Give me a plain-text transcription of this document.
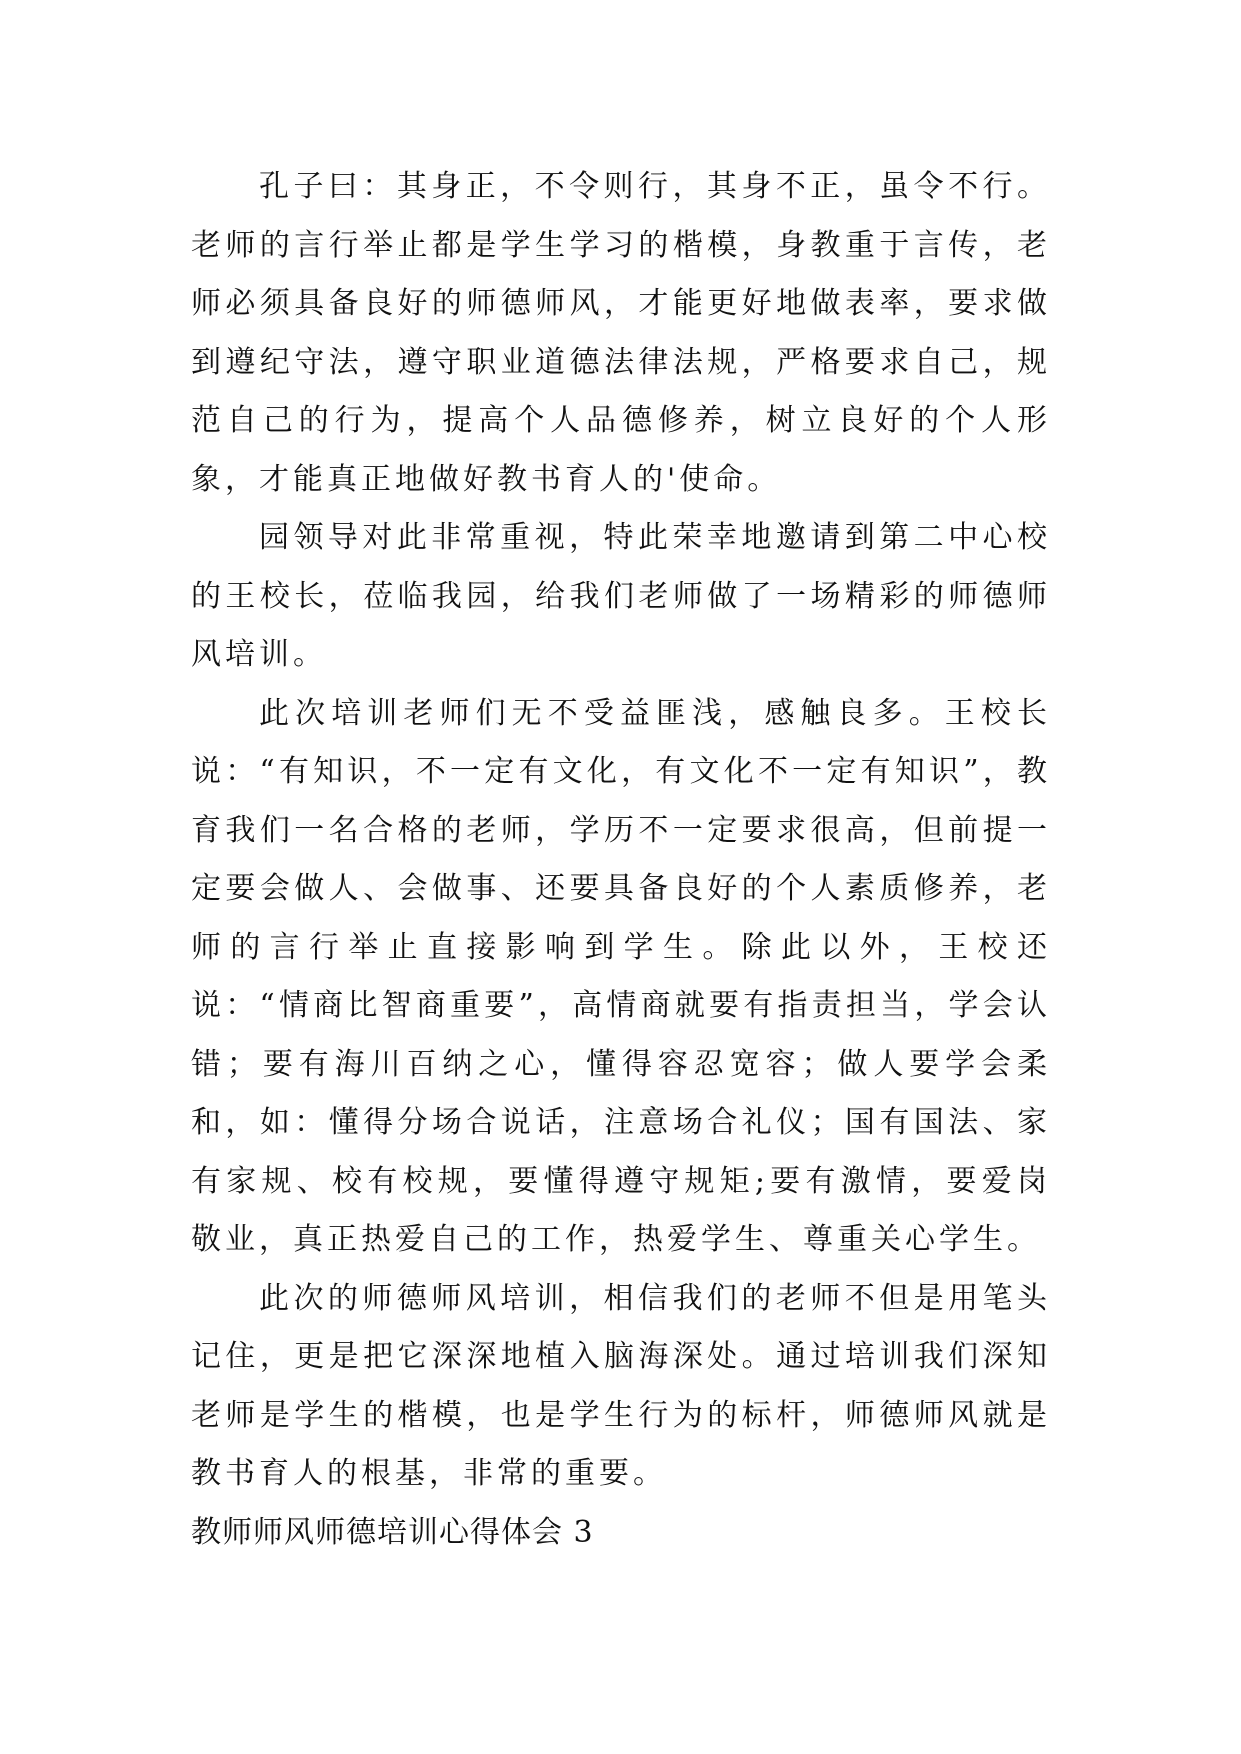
孔子曰：其身正，不令则行，其身不正，虽令不行。老师的言行举止都是学生学习的楷模，身教重于言传，老师必须具备良好的师德师风，才能更好地做表率，要求做到遵纪守法，遵守职业道德法律法规，严格要求自己，规范自己的行为，提高个人品德修养，树立良好的个人形象，才能真正地做好教书育人的'使命。

园领导对此非常重视，特此荣幸地邀请到第二中心校的王校长，莅临我园，给我们老师做了一场精彩的师德师风培训。

此次培训老师们无不受益匪浅，感触良多。王校长说：“有知识，不一定有文化，有文化不一定有知识”，教育我们一名合格的老师，学历不一定要求很高，但前提一定要会做人、会做事、还要具备良好的个人素质修养，老师的言行举止直接影响到学生。除此以外，王校还说：“情商比智商重要”，高情商就要有指责担当，学会认错；要有海川百纳之心，懂得容忍宽容；做人要学会柔和，如：懂得分场合说话，注意场合礼仪；国有国法、家有家规、校有校规，要懂得遵守规矩;要有激情，要爱岗敬业，真正热爱自己的工作，热爱学生、尊重关心学生。

此次的师德师风培训，相信我们的老师不但是用笔头记住，更是把它深深地植入脑海深处。通过培训我们深知老师是学生的楷模，也是学生行为的标杆，师德师风就是教书育人的根基，非常的重要。

教师师风师德培训心得体会 3
